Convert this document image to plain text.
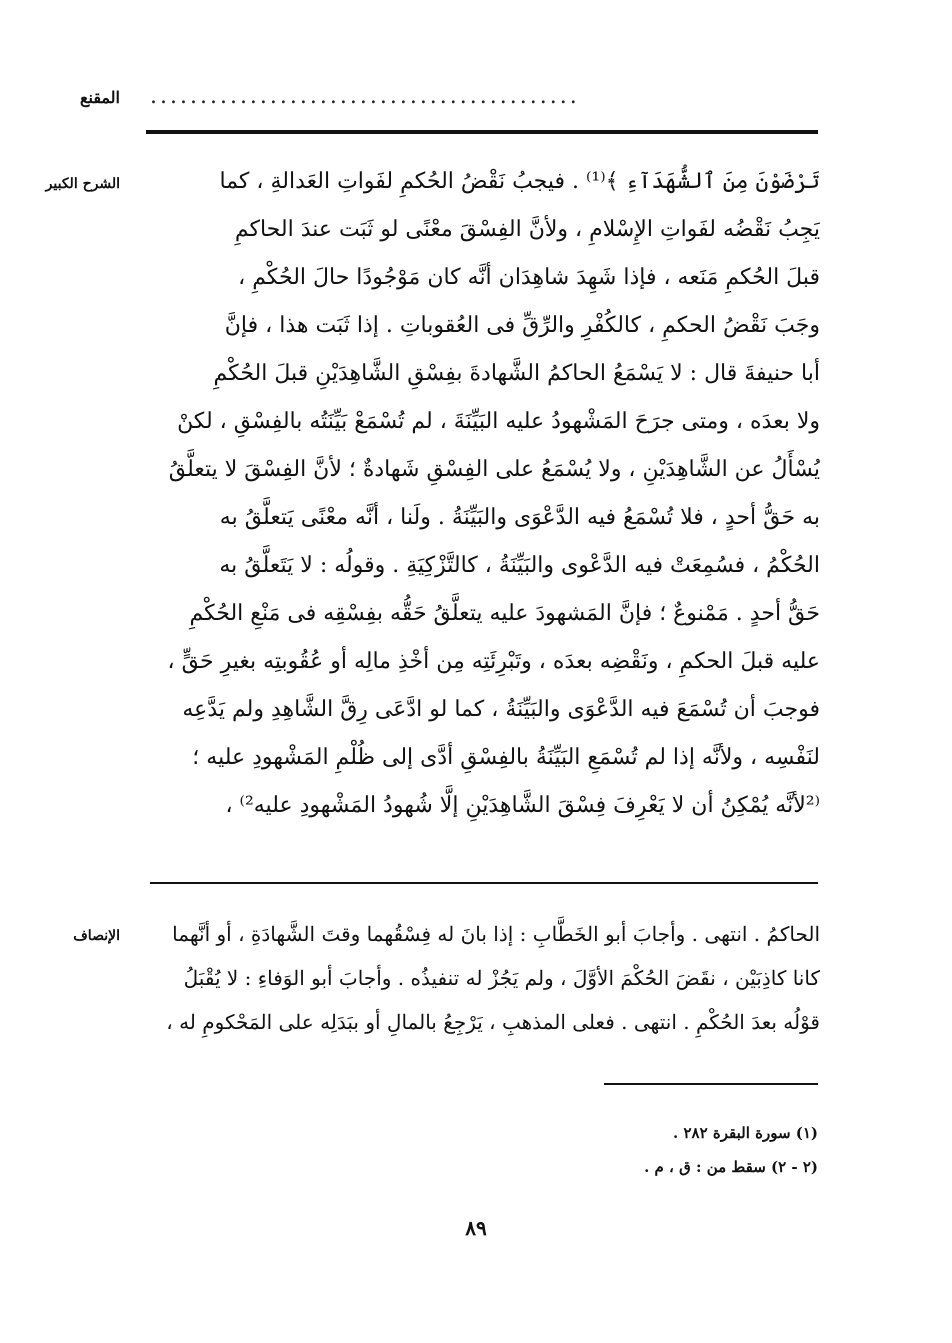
المقنع ...........................................
الشرح الكبير	تَرْضَوْنَ مِنَ ٱلشُّهَدَآءِ ﴾⁽¹⁾ . فيجبُ نَقْضُ الحُكمِ لفَواتِ العَدالةِ ، كما
يَجِبُ نَقْضُه لفَواتِ الإِسْلامِ ، ولأنَّ الفِسْقَ معْنًى لو ثَبَت عندَ الحاكمِ
قبلَ الحُكمِ مَنَعه ، فإذا شَهِدَ شاهِدَان أنَّه كان مَوْجُودًا حالَ الحُكْمِ ،
وجَبَ نَقْضُ الحكمِ ، كالكُفْرِ والرِّقِّ فى العُقوباتِ . إذا ثَبَت هذا ، فإنَّ
أبا حنيفةَ قال : لا يَسْمَعُ الحاكمُ الشَّهادةَ بفِسْقِ الشَّاهِدَيْنِ قبلَ الحُكْمِ
ولا بعدَه ، ومتى جرَحَ المَشْهودُ عليه البَيِّنَةَ ، لم تُسْمَعْ بَيِّنَتُه بالفِسْقِ ، لكنْ
يُسْأَلُ عن الشَّاهِدَيْنِ ، ولا يُسْمَعُ على الفِسْقِ شَهادةٌ ؛ لأنَّ الفِسْقَ لا يتعلَّقُ
به حَقُّ أحدٍ ، فلا تُسْمَعُ فيه الدَّعْوَى والبَيِّنَةُ . ولَنا ، أنَّه معْنًى يَتعلَّقُ به
الحُكْمُ ، فسُمِعَتْ فيه الدَّعْوى والبَيِّنَةُ ، كالتَّزْكِيَةِ . وقولُه : لا يَتَعلَّقُ به
حَقُّ أحدٍ . مَمْنوعٌ ؛ فإنَّ المَشهودَ عليه يتعلَّقُ حَقُّه بفِسْقِه فى مَنْعِ الحُكْمِ
عليه قبلَ الحكمِ ، ونَقْضِه بعدَه ، وتَبْرِئَتِه مِن أخْذِ مالِه أو عُقُوبتِه بغيرِ حَقٍّ ،
فوجبَ أن تُسْمَعَ فيه الدَّعْوَى والبَيِّنَةُ ، كما لو ادَّعَى رِقَّ الشَّاهِدِ ولم يَدَّعِه
لنَفْسِه ، ولأنَّه إذا لم تُسْمَعِ البَيِّنَةُ بالفِسْقِ أدَّى إلى ظُلْمِ المَشْهودِ عليه ؛
⁽²لأنَّه يُمْكِنُ أن لا يَعْرِفَ فِسْقَ الشَّاهِدَيْنِ إلَّا شُهودُ المَشْهودِ عليه²⁾ ،
الإنصاف	الحاكمُ . انتهى . وأجابَ أبو الخَطَّابِ : إذا بانَ له فِسْقُهما وقتَ الشَّهادَةِ ، أو أنَّهما
كانا كاذِبَيْن ، نقَضَ الحُكْمَ الأوَّلَ ، ولم يَجُزْ له تنفيذُه . وأجابَ أبو الوَفاءِ : لا يُقْبَلُ
قوْلُه بعدَ الحُكْمِ . انتهى . فعلى المذهبِ ، يَرْجِعُ بالمالِ أو ببَدَلِه على المَحْكومِ له ،
(١) سورة البقرة ٢٨٢ .
(٢ - ٢) سقط من : ق ، م .
٨٩
